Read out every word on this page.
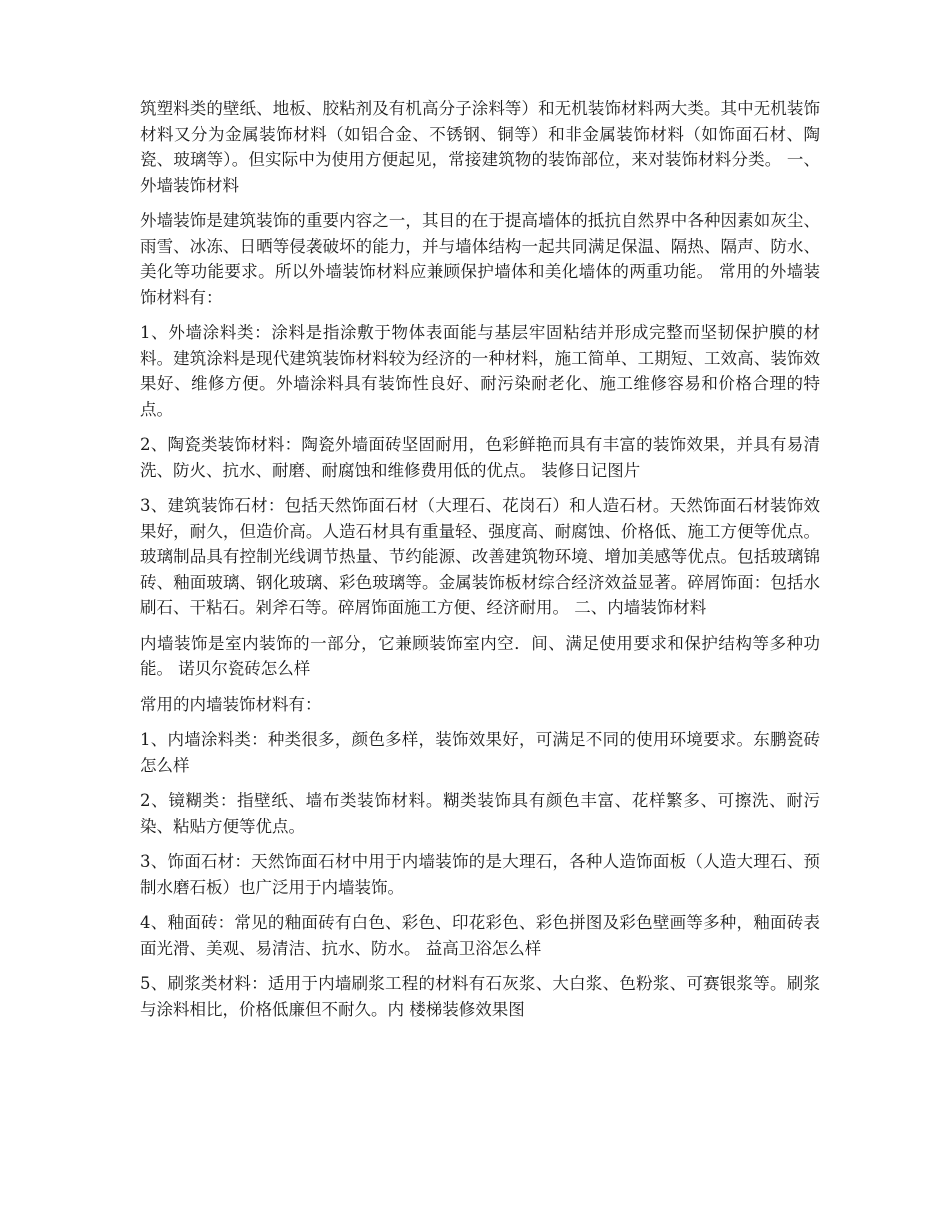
筑塑料类的壁纸、地板、胶粘剂及有机高分子涂料等）和无机装饰材料两大类。其中无机装饰材料又分为金属装饰材料（如铝合金、不锈钢、铜等）和非金属装饰材料（如饰面石材、陶瓷、玻璃等）。但实际中为使用方便起见，常接建筑物的装饰部位，来对装饰材料分类。 一、外墙装饰材料

外墙装饰是建筑装饰的重要内容之一，其目的在于提高墙体的抵抗自然界中各种因素如灰尘、雨雪、冰冻、日晒等侵袭破坏的能力，并与墙体结构一起共同满足保温、隔热、隔声、防水、美化等功能要求。所以外墙装饰材料应兼顾保护墙体和美化墙体的两重功能。 常用的外墙装饰材料有：

1、外墙涂料类：涂料是指涂敷于物体表面能与基层牢固粘结并形成完整而坚韧保护膜的材料。建筑涂料是现代建筑装饰材料较为经济的一种材料，施工简单、工期短、工效高、装饰效果好、维修方便。外墙涂料具有装饰性良好、耐污染耐老化、施工维修容易和价格合理的特点。

2、陶瓷类装饰材料：陶瓷外墙面砖坚固耐用，色彩鲜艳而具有丰富的装饰效果，并具有易清洗、防火、抗水、耐磨、耐腐蚀和维修费用低的优点。 装修日记图片

3、建筑装饰石材：包括天然饰面石材（大理石、花岗石）和人造石材。天然饰面石材装饰效果好，耐久，但造价高。人造石材具有重量轻、强度高、耐腐蚀、价格低、施工方便等优点。玻璃制品具有控制光线调节热量、节约能源、改善建筑物环境、增加美感等优点。包括玻璃锦砖、釉面玻璃、钢化玻璃、彩色玻璃等。金属装饰板材综合经济效益显著。碎屑饰面：包括水刷石、干粘石。剁斧石等。碎屑饰面施工方便、经济耐用。 二、内墙装饰材料

内墙装饰是室内装饰的一部分，它兼顾装饰室内空．间、满足使用要求和保护结构等多种功能。 诺贝尔瓷砖怎么样

常用的内墙装饰材料有：

1、内墙涂料类：种类很多，颜色多样，装饰效果好，可满足不同的使用环境要求。东鹏瓷砖怎么样

2、镜糊类：指壁纸、墙布类装饰材料。糊类装饰具有颜色丰富、花样繁多、可擦洗、耐污染、粘贴方便等优点。

3、饰面石材：天然饰面石材中用于内墙装饰的是大理石，各种人造饰面板（人造大理石、预制水磨石板）也广泛用于内墙装饰。

4、釉面砖：常见的釉面砖有白色、彩色、印花彩色、彩色拼图及彩色壁画等多种，釉面砖表面光滑、美观、易清洁、抗水、防水。 益高卫浴怎么样

5、刷浆类材料：适用于内墙刷浆工程的材料有石灰浆、大白浆、色粉浆、可赛银浆等。刷浆与涂料相比，价格低廉但不耐久。内 楼梯装修效果图
